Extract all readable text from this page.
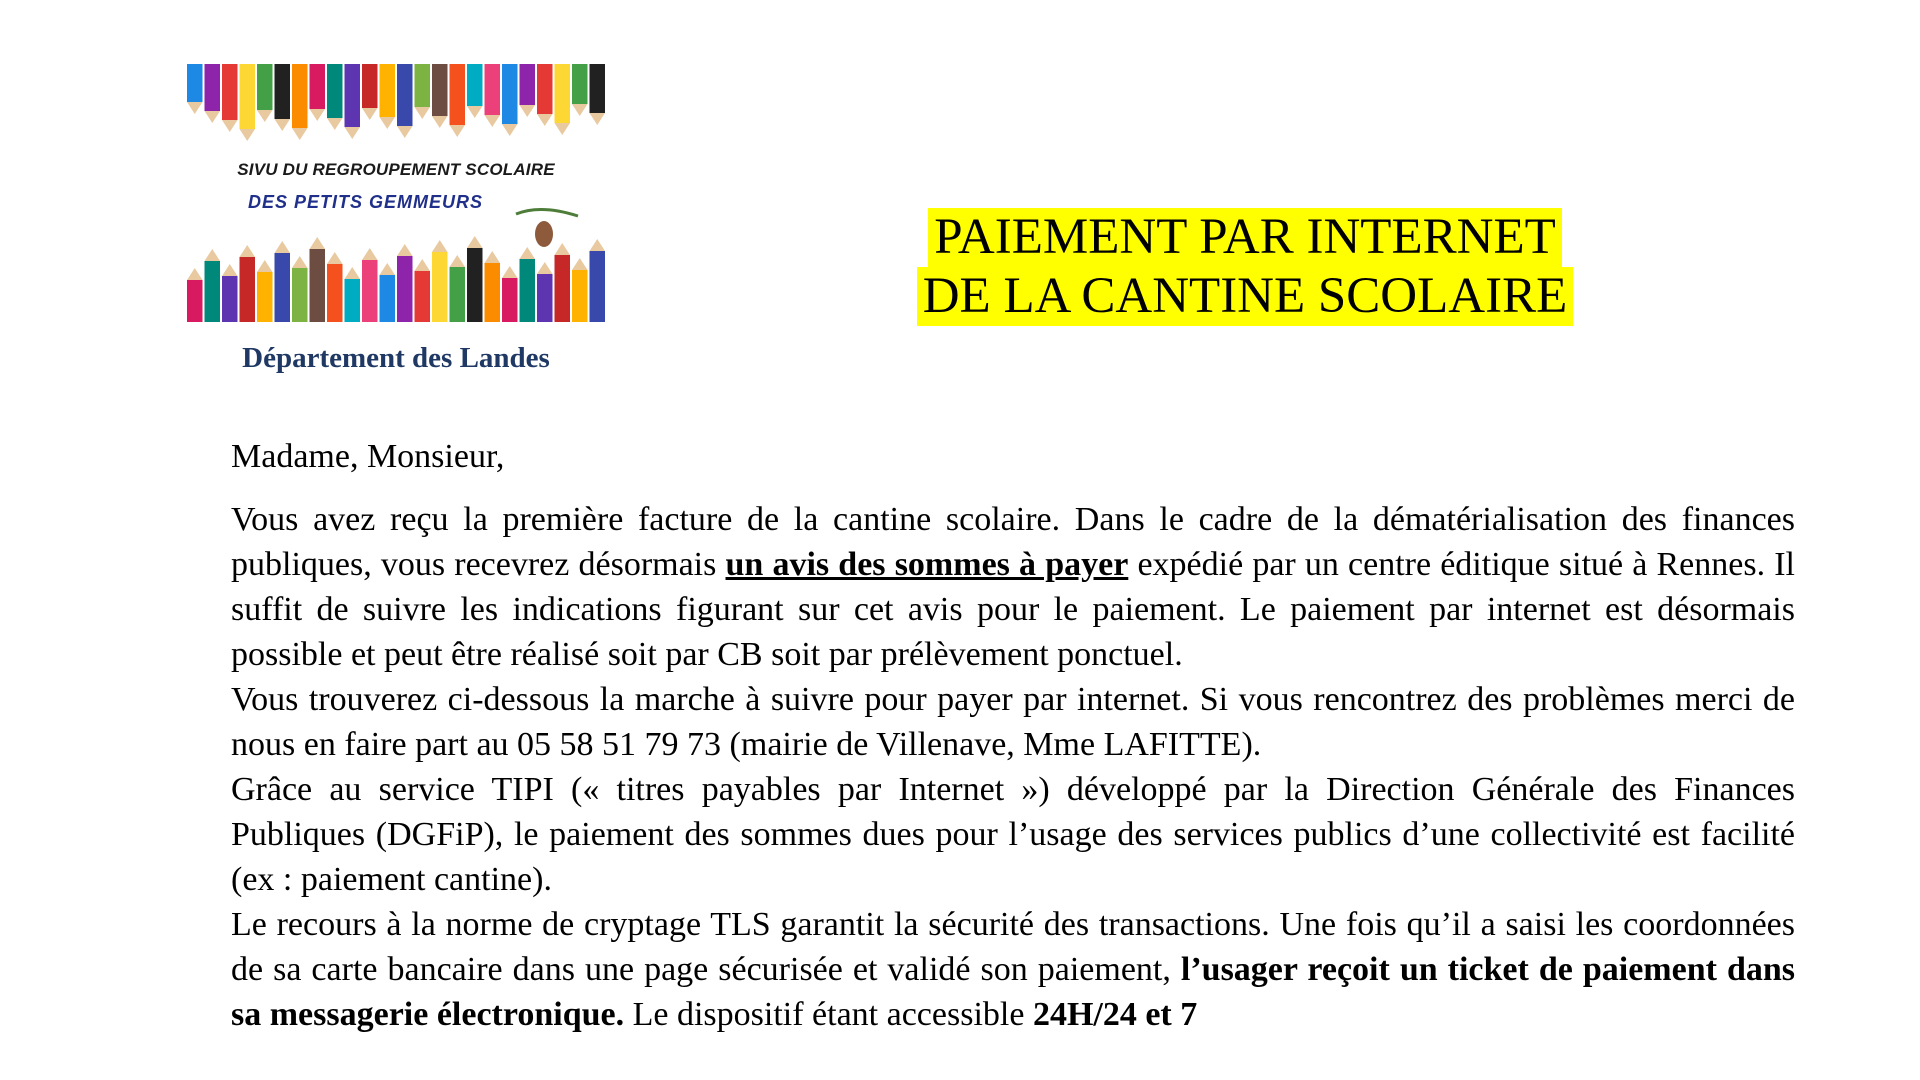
SIVU DU REGROUPEMENT SCOLAIRE
DES PETITS GEMMEURS
Département des Landes
PAIEMENT PAR INTERNET
DE LA CANTINE SCOLAIRE

Madame, Monsieur,

Vous avez reçu la première facture de la cantine scolaire. Dans le cadre de la dématérialisation des finances publiques, vous recevrez désormais un avis des sommes à payer expédié par un centre éditique situé à Rennes. Il suffit de suivre les indications figurant sur cet avis pour le paiement. Le paiement par internet est désormais possible et peut être réalisé soit par CB soit par prélèvement ponctuel.

Vous trouverez ci-dessous la marche à suivre pour payer par internet. Si vous rencontrez des problèmes merci de nous en faire part au 05 58 51 79 73 (mairie de Villenave, Mme LAFITTE).

Grâce au service TIPI (« titres payables par Internet ») développé par la Direction Générale des Finances Publiques (DGFiP), le paiement des sommes dues pour l’usage des services publics d’une collectivité est facilité (ex : paiement cantine).

Le recours à la norme de cryptage TLS garantit la sécurité des transactions. Une fois qu’il a saisi les coordonnées de sa carte bancaire dans une page sécurisée et validé son paiement, l’usager reçoit un ticket de paiement dans sa messagerie électronique. Le dispositif étant accessible 24H/24 et 7
